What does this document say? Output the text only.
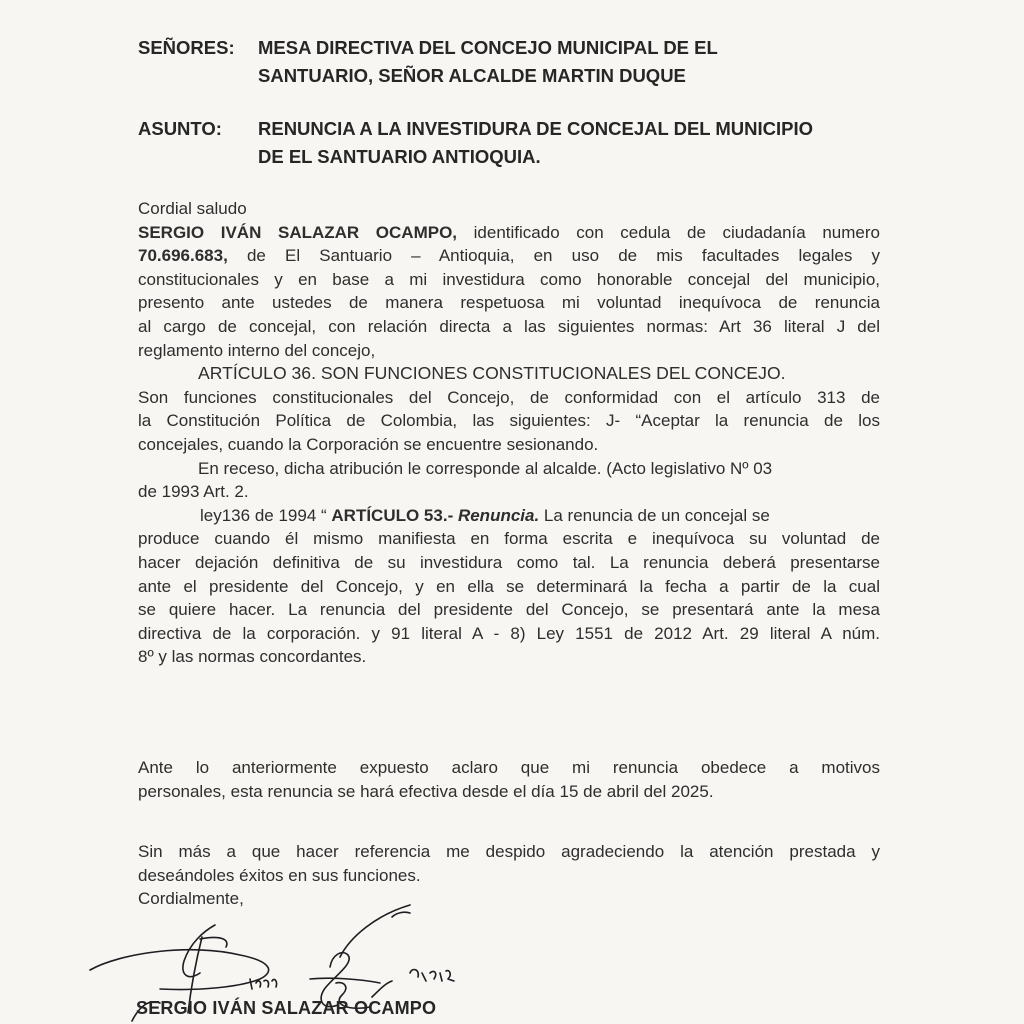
SEÑORES:	MESA DIRECTIVA DEL CONCEJO MUNICIPAL DE EL
SANTUARIO, SEÑOR ALCALDE MARTIN DUQUE
ASUNTO:	RENUNCIA A LA INVESTIDURA DE CONCEJAL DEL MUNICIPIO
DE EL SANTUARIO ANTIOQUIA.
Cordial saludo
SERGIO IVÁN SALAZAR OCAMPO, identificado con cedula de ciudadanía numero
70.696.683, de El Santuario – Antioquia, en uso de mis facultades legales y
constitucionales y en base a mi investidura como honorable concejal del municipio,
presento ante ustedes de manera respetuosa mi voluntad inequívoca de renuncia
al cargo de concejal, con relación directa a las siguientes normas: Art 36 literal J del
reglamento interno del concejo,
ARTÍCULO 36. SON FUNCIONES CONSTITUCIONALES DEL CONCEJO.
Son funciones constitucionales del Concejo, de conformidad con el artículo 313 de
la Constitución Política de Colombia, las siguientes: J- “Aceptar la renuncia de los
concejales, cuando la Corporación se encuentre sesionando.
En receso, dicha atribución le corresponde al alcalde. (Acto legislativo Nº 03
de 1993 Art. 2.
ley136 de 1994 “ ARTÍCULO 53.- Renuncia. La renuncia de un concejal se
produce cuando él mismo manifiesta en forma escrita e inequívoca su voluntad de
hacer dejación definitiva de su investidura como tal. La renuncia deberá presentarse
ante el presidente del Concejo, y en ella se determinará la fecha a partir de la cual
se quiere hacer. La renuncia del presidente del Concejo, se presentará ante la mesa
directiva de la corporación. y 91 literal A - 8) Ley 1551 de 2012 Art. 29 literal A núm.
8º y las normas concordantes.
Ante lo anteriormente expuesto aclaro que mi renuncia obedece a motivos
personales, esta renuncia se hará efectiva desde el día 15 de abril del 2025.
Sin más a que hacer referencia me despido agradeciendo la atención prestada y
deseándoles éxitos en sus funciones.
Cordialmente,
SERGIO IVÁN SALAZAR OCAMPO
